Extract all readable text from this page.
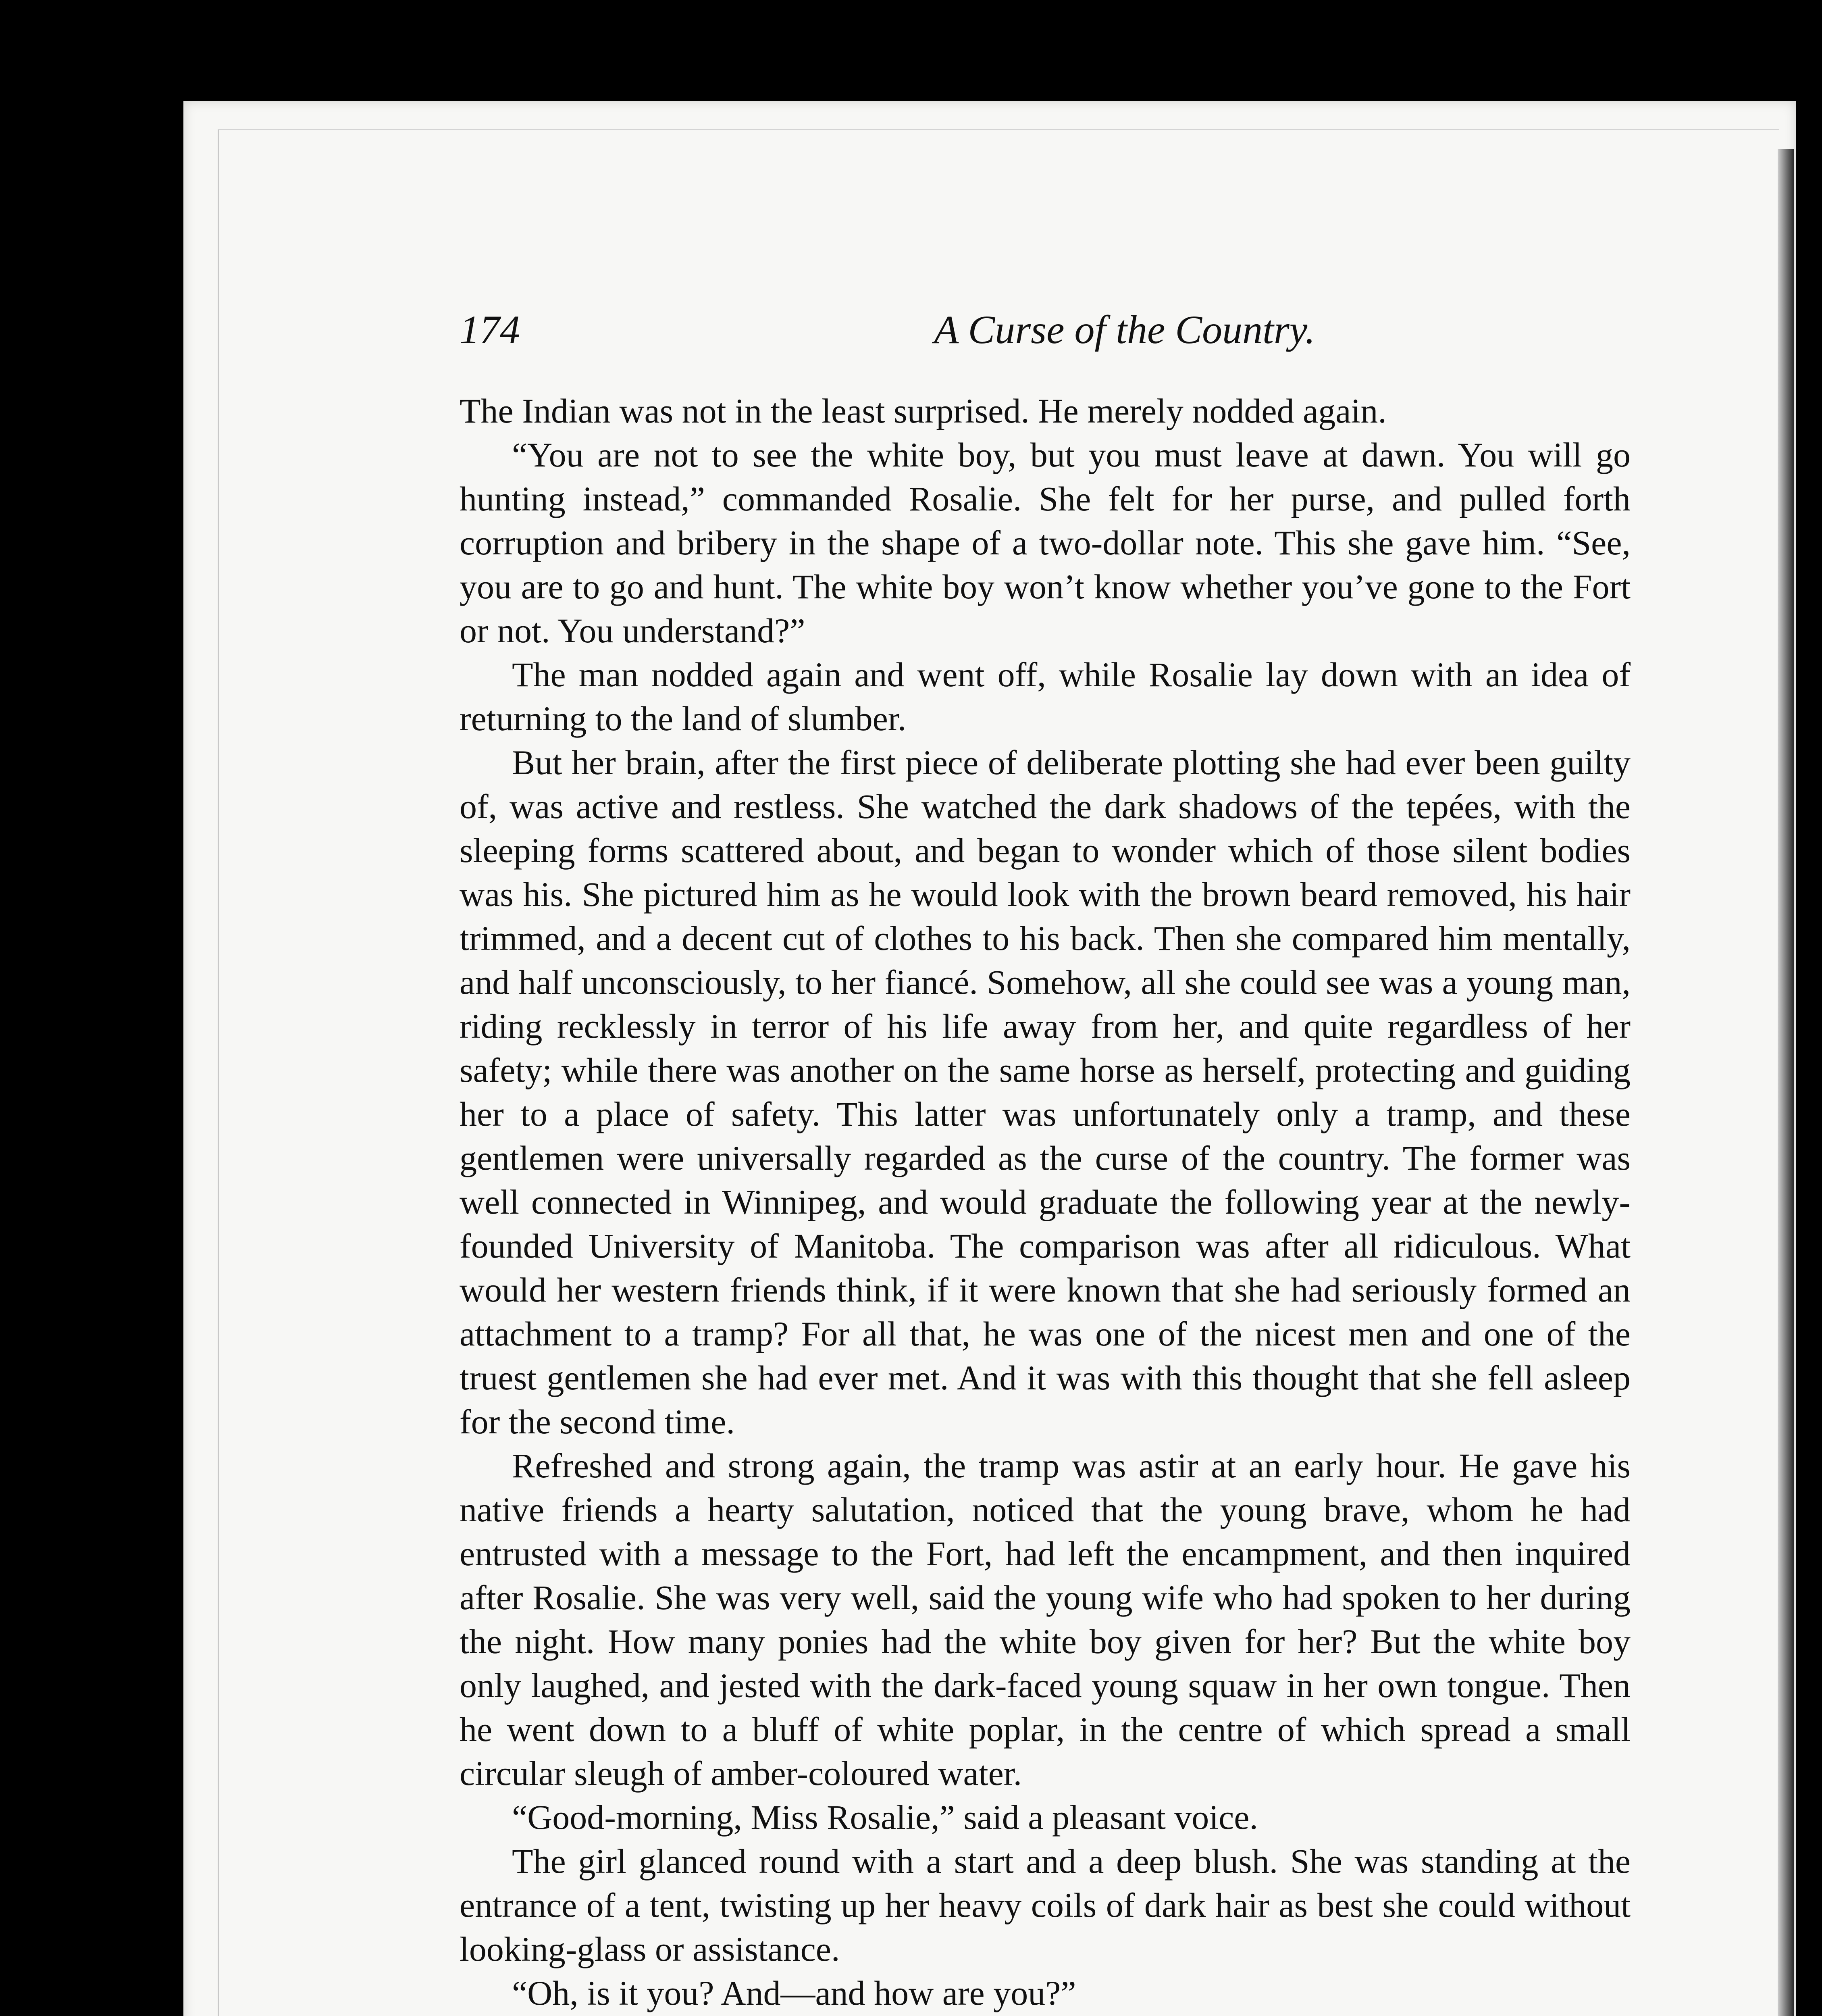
174	A Curse of the Country.

The Indian was not in the least surprised. He merely nodded again.

“You are not to see the white boy, but you must leave at dawn. You will go hunting instead,” commanded Rosalie. She felt for her purse, and pulled forth corruption and bribery in the shape of a two-dollar note. This she gave him. “See, you are to go and hunt. The white boy won’t know whether you’ve gone to the Fort or not. You understand?”

The man nodded again and went off, while Rosalie lay down with an idea of returning to the land of slumber.

But her brain, after the first piece of deliberate plotting she had ever been guilty of, was active and restless. She watched the dark shadows of the tepées, with the sleeping forms scattered about, and began to wonder which of those silent bodies was his. She pictured him as he would look with the brown beard removed, his hair trimmed, and a decent cut of clothes to his back. Then she compared him mentally, and half unconsciously, to her fiancé. Somehow, all she could see was a young man, riding recklessly in terror of his life away from her, and quite regardless of her safety; while there was another on the same horse as herself, protecting and guiding her to a place of safety. This latter was unfortunately only a tramp, and these gentlemen were universally regarded as the curse of the country. The former was well connected in Winnipeg, and would graduate the following year at the newly-founded University of Manitoba. The comparison was after all ridiculous. What would her western friends think, if it were known that she had seriously formed an attachment to a tramp? For all that, he was one of the nicest men and one of the truest gentlemen she had ever met. And it was with this thought that she fell asleep for the second time.

Refreshed and strong again, the tramp was astir at an early hour. He gave his native friends a hearty salutation, noticed that the young brave, whom he had entrusted with a message to the Fort, had left the encampment, and then inquired after Rosalie. She was very well, said the young wife who had spoken to her during the night. How many ponies had the white boy given for her? But the white boy only laughed, and jested with the dark-faced young squaw in her own tongue. Then he went down to a bluff of white poplar, in the centre of which spread a small circular sleugh of amber-coloured water.

“Good-morning, Miss Rosalie,” said a pleasant voice.

The girl glanced round with a start and a deep blush. She was standing at the entrance of a tent, twisting up her heavy coils of dark hair as best she could without looking-glass or assistance.

“Oh, is it you? And—and how are you?”
